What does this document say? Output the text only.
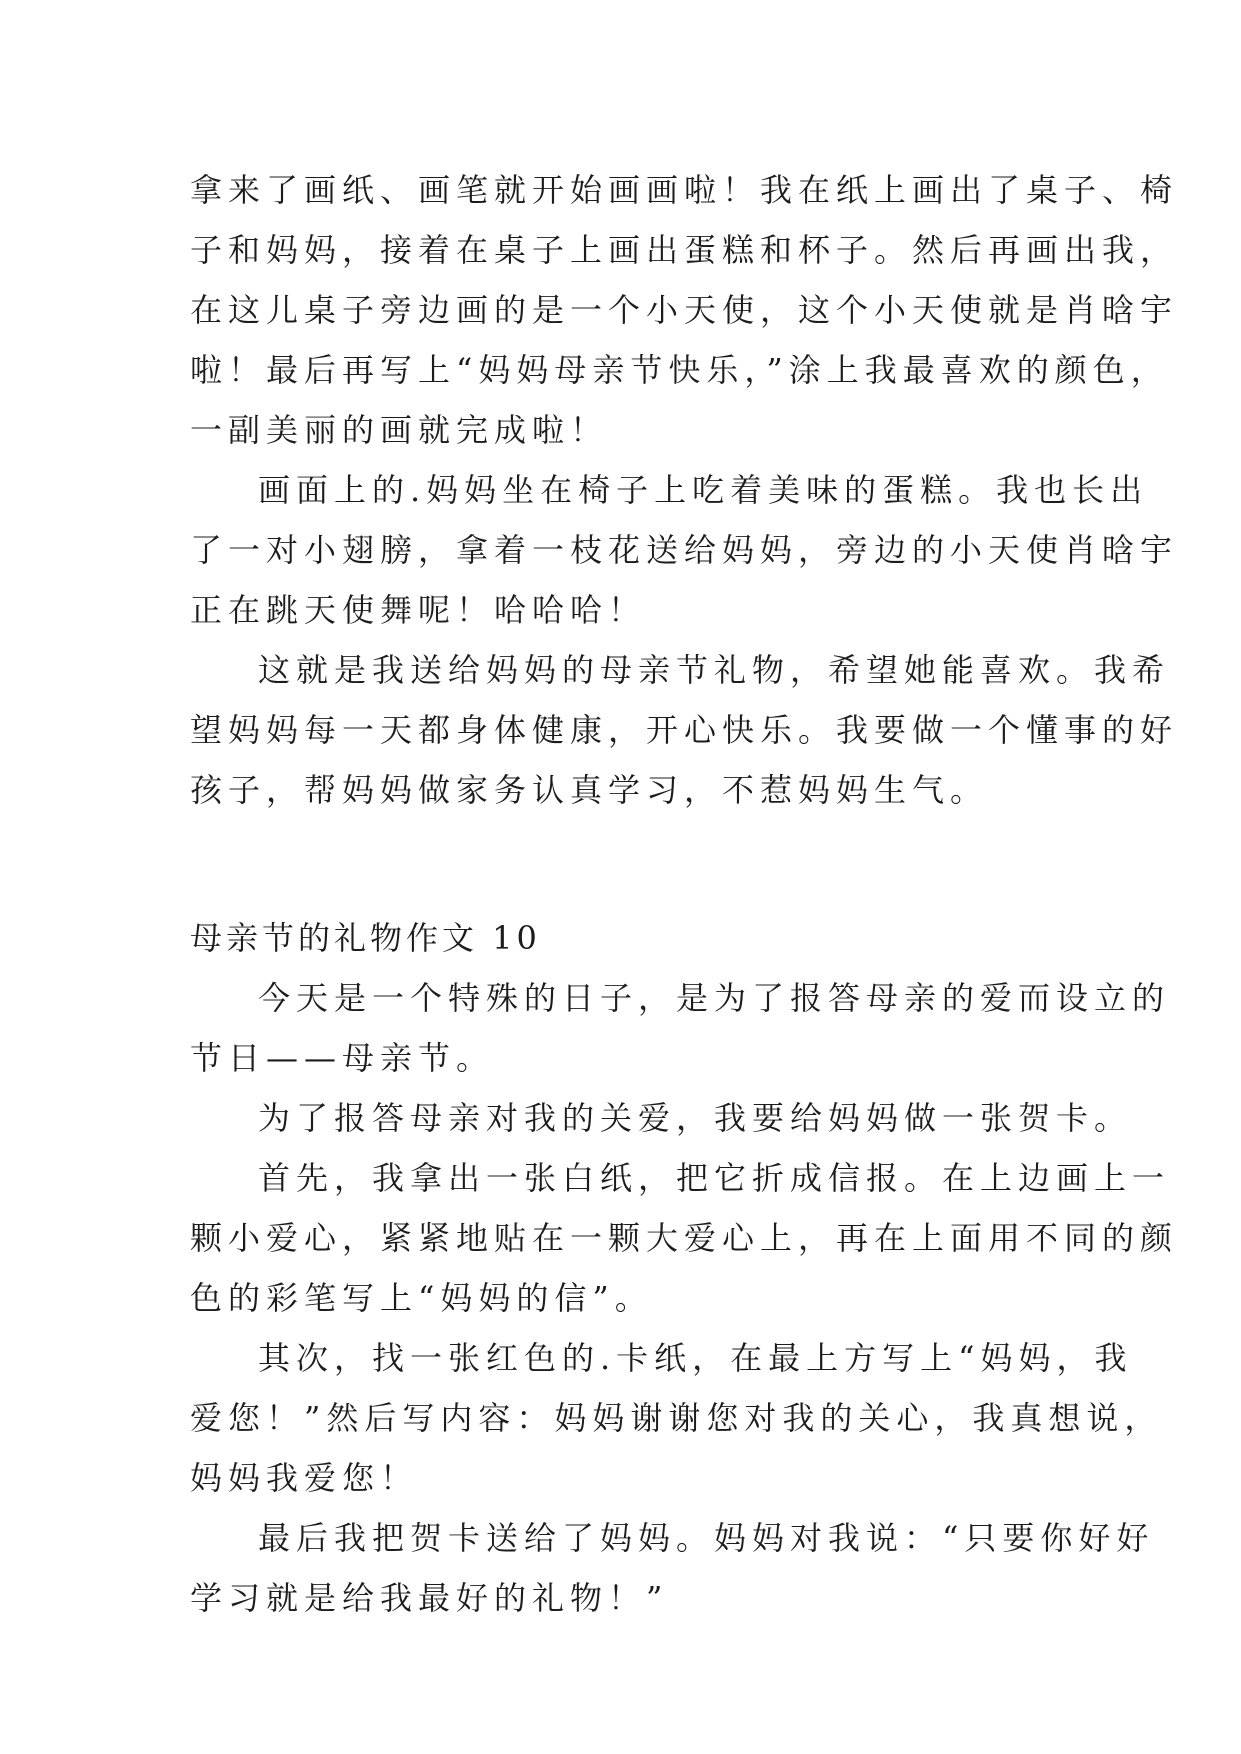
拿来了画纸、画笔就开始画画啦！我在纸上画出了桌子、椅
子和妈妈，接着在桌子上画出蛋糕和杯子。然后再画出我，
在这儿桌子旁边画的是一个小天使，这个小天使就是肖晗宇
啦！最后再写上“妈妈母亲节快乐，”涂上我最喜欢的颜色，
一副美丽的画就完成啦！
画面上的.妈妈坐在椅子上吃着美味的蛋糕。我也长出
了一对小翅膀，拿着一枝花送给妈妈，旁边的小天使肖晗宇
正在跳天使舞呢！哈哈哈！
这就是我送给妈妈的母亲节礼物，希望她能喜欢。我希
望妈妈每一天都身体健康，开心快乐。我要做一个懂事的好
孩子，帮妈妈做家务认真学习，不惹妈妈生气。
母亲节的礼物作文 10
今天是一个特殊的日子，是为了报答母亲的爱而设立的
节日——母亲节。
为了报答母亲对我的关爱，我要给妈妈做一张贺卡。
首先，我拿出一张白纸，把它折成信报。在上边画上一
颗小爱心，紧紧地贴在一颗大爱心上，再在上面用不同的颜
色的彩笔写上“妈妈的信”。
其次，找一张红色的.卡纸，在最上方写上“妈妈，我
爱您！”然后写内容：妈妈谢谢您对我的关心，我真想说，
妈妈我爱您！
最后我把贺卡送给了妈妈。妈妈对我说：“只要你好好
学习就是给我最好的礼物！”
